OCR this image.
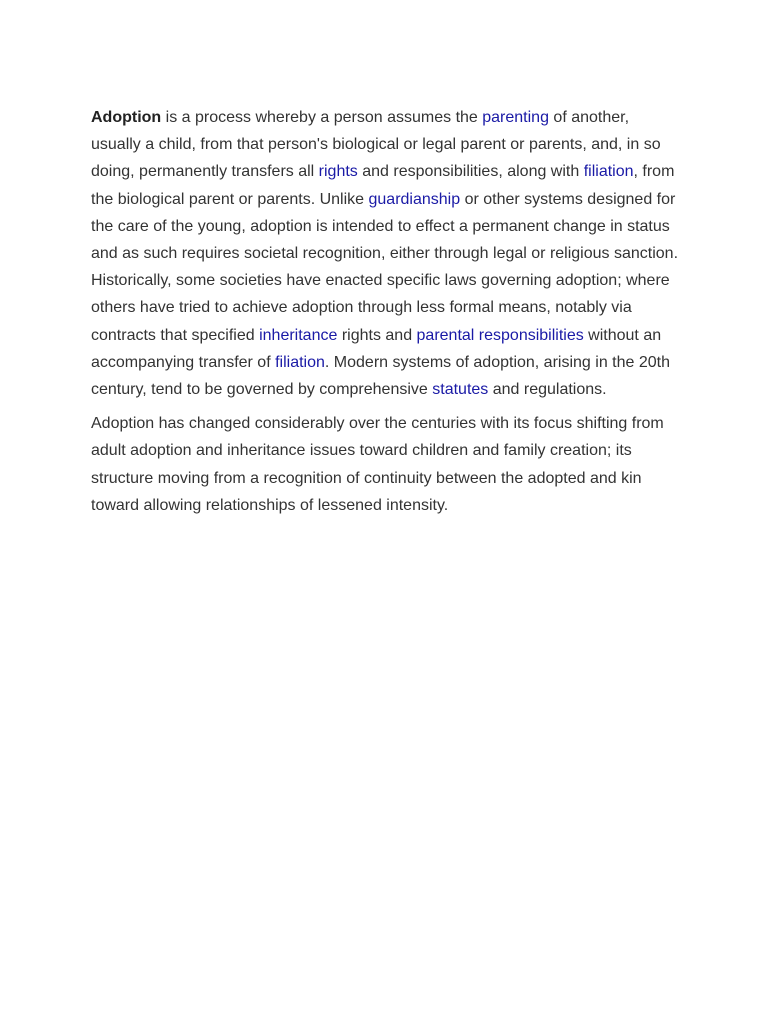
Adoption is a process whereby a person assumes the parenting of another, usually a child, from that person's biological or legal parent or parents, and, in so doing, permanently transfers all rights and responsibilities, along with filiation, from the biological parent or parents. Unlike guardianship or other systems designed for the care of the young, adoption is intended to effect a permanent change in status and as such requires societal recognition, either through legal or religious sanction. Historically, some societies have enacted specific laws governing adoption; where others have tried to achieve adoption through less formal means, notably via contracts that specified inheritance rights and parental responsibilities without an accompanying transfer of filiation. Modern systems of adoption, arising in the 20th century, tend to be governed by comprehensive statutes and regulations.

Adoption has changed considerably over the centuries with its focus shifting from adult adoption and inheritance issues toward children and family creation; its structure moving from a recognition of continuity between the adopted and kin toward allowing relationships of lessened intensity.
